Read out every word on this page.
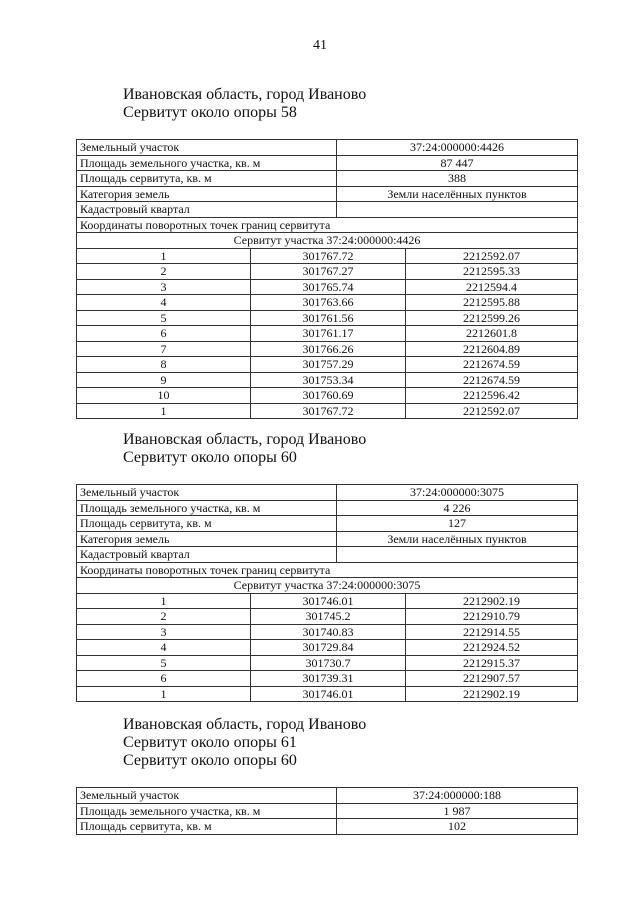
41
Ивановская область, город Иваново
Сервитут около опоры 58
Земельный участок		37:24:000000:4426	
Площадь земельного участка, кв. м		87 447	
Площадь сервитута, кв. м		388	
Категория земель		Земли населённых пунктов	
Кадастровый квартал			
Координаты поворотных точек границ сервитута			
Сервитут участка 37:24:000000:4426			
1	301767.72		2212592.07
2	301767.27		2212595.33
3	301765.74		2212594.4
4	301763.66		2212595.88
5	301761.56		2212599.26
6	301761.17		2212601.8
7	301766.26		2212604.89
8	301757.29		2212674.59
9	301753.34		2212674.59
10	301760.69		2212596.42
1	301767.72		2212592.07
Ивановская область, город Иваново
Сервитут около опоры 60
Земельный участок		37:24:000000:3075	
Площадь земельного участка, кв. м		4 226	
Площадь сервитута, кв. м		127	
Категория земель		Земли населённых пунктов	
Кадастровый квартал			
Координаты поворотных точек границ сервитута			
Сервитут участка 37:24:000000:3075			
1	301746.01		2212902.19
2	301745.2		2212910.79
3	301740.83		2212914.55
4	301729.84		2212924.52
5	301730.7		2212915.37
6	301739.31		2212907.57
1	301746.01		2212902.19
Ивановская область, город Иваново
Сервитут около опоры 61
Сервитут около опоры 60
Земельный участок	37:24:000000:188
Площадь земельного участка, кв. м	1 987
Площадь сервитута, кв. м	102
